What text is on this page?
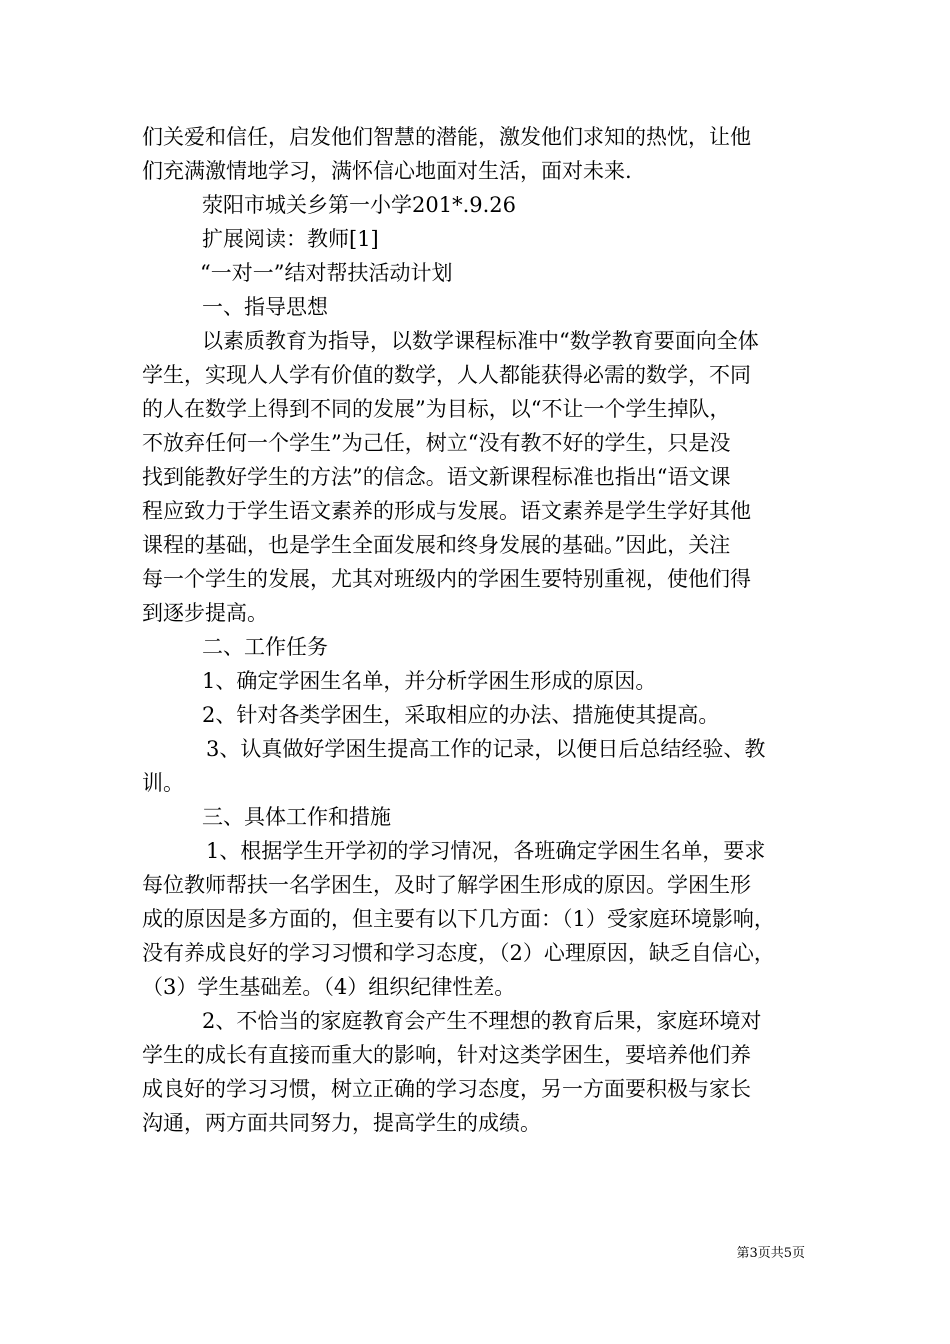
们关爱和信任，启发他们智慧的潜能，激发他们求知的热忱，让他
们充满激情地学习，满怀信心地面对生活，面对未来.
荥阳市城关乡第一小学201*.9.26
扩展阅读：教师[1]
“一对一”结对帮扶活动计划
一、指导思想
以素质教育为指导，以数学课程标准中“数学教育要面向全体
学生，实现人人学有价值的数学，人人都能获得必需的数学，不同
的人在数学上得到不同的发展”为目标，以“不让一个学生掉队，
不放弃任何一个学生”为己任，树立“没有教不好的学生，只是没
找到能教好学生的方法”的信念。语文新课程标准也指出“语文课
程应致力于学生语文素养的形成与发展。语文素养是学生学好其他
课程的基础，也是学生全面发展和终身发展的基础。”因此，关注
每一个学生的发展，尤其对班级内的学困生要特别重视，使他们得
到逐步提高。
二、工作任务
1、确定学困生名单，并分析学困生形成的原因。
2、针对各类学困生，采取相应的办法、措施使其提高。
3、认真做好学困生提高工作的记录，以便日后总结经验、教
训。
三、具体工作和措施
1、根据学生开学初的学习情况，各班确定学困生名单，要求
每位教师帮扶一名学困生，及时了解学困生形成的原因。学困生形
成的原因是多方面的，但主要有以下几方面：（1）受家庭环境影响，
没有养成良好的学习习惯和学习态度，（2）心理原因，缺乏自信心，
（3）学生基础差。（4）组织纪律性差。
2、不恰当的家庭教育会产生不理想的教育后果，家庭环境对
学生的成长有直接而重大的影响，针对这类学困生，要培养他们养
成良好的学习习惯，树立正确的学习态度，另一方面要积极与家长
沟通，两方面共同努力，提高学生的成绩。
第3页共5页
